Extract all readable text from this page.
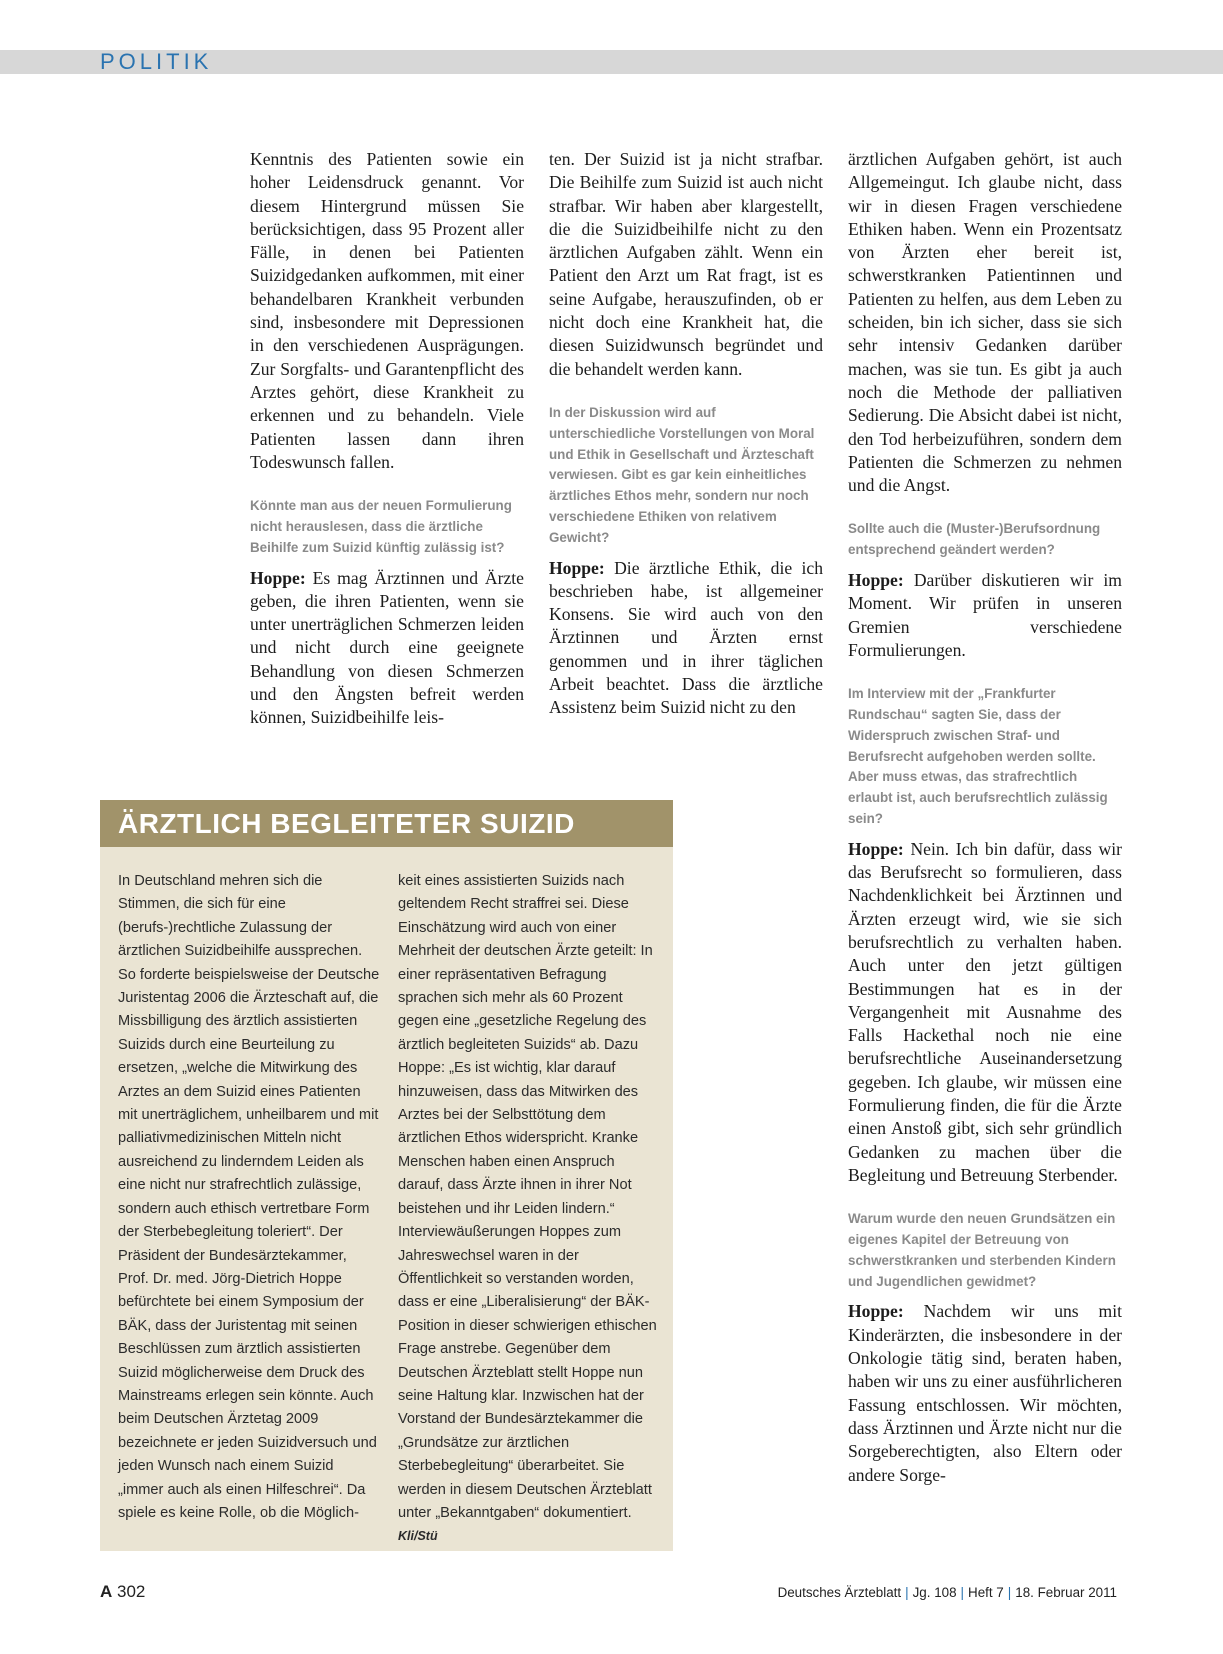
POLITIK

Kenntnis des Patienten sowie ein hoher Leidensdruck genannt. Vor diesem Hintergrund müssen Sie berücksichtigen, dass 95 Prozent aller Fälle, in denen bei Patienten Suizidgedanken aufkommen, mit einer behandelbaren Krankheit verbunden sind, insbesondere mit Depressionen in den verschiedenen Ausprägungen. Zur Sorgfalts- und Garantenpflicht des Arztes gehört, diese Krankheit zu erkennen und zu behandeln. Viele Patienten lassen dann ihren Todeswunsch fallen.

Könnte man aus der neuen Formulierung nicht herauslesen, dass die ärztliche Beihilfe zum Suizid künftig zulässig ist?

Hoppe: Es mag Ärztinnen und Ärzte geben, die ihren Patienten, wenn sie unter unerträglichen Schmerzen leiden und nicht durch eine geeignete Behandlung von diesen Schmerzen und den Ängsten befreit werden können, Suizidbeihilfe leis-

ten. Der Suizid ist ja nicht strafbar. Die Beihilfe zum Suizid ist auch nicht strafbar. Wir haben aber klargestellt, die die Suizidbeihilfe nicht zu den ärztlichen Aufgaben zählt. Wenn ein Patient den Arzt um Rat fragt, ist es seine Aufgabe, herauszufinden, ob er nicht doch eine Krankheit hat, die diesen Suizidwunsch begründet und die behandelt werden kann.

In der Diskussion wird auf unterschiedliche Vorstellungen von Moral und Ethik in Gesellschaft und Ärzteschaft verwiesen. Gibt es gar kein einheitliches ärztliches Ethos mehr, sondern nur noch verschiedene Ethiken von relativem Gewicht?

Hoppe: Die ärztliche Ethik, die ich beschrieben habe, ist allgemeiner Konsens. Sie wird auch von den Ärztinnen und Ärzten ernst genommen und in ihrer täglichen Arbeit beachtet. Dass die ärztliche Assistenz beim Suizid nicht zu den

ärztlichen Aufgaben gehört, ist auch Allgemeingut. Ich glaube nicht, dass wir in diesen Fragen verschiedene Ethiken haben. Wenn ein Prozentsatz von Ärzten eher bereit ist, schwerstkranken Patientinnen und Patienten zu helfen, aus dem Leben zu scheiden, bin ich sicher, dass sie sich sehr intensiv Gedanken darüber machen, was sie tun. Es gibt ja auch noch die Methode der palliativen Sedierung. Die Absicht dabei ist nicht, den Tod herbeizuführen, sondern dem Patienten die Schmerzen zu nehmen und die Angst.

Sollte auch die (Muster-)Berufsordnung entsprechend geändert werden?

Hoppe: Darüber diskutieren wir im Moment. Wir prüfen in unseren Gremien verschiedene Formulierungen.

Im Interview mit der „Frankfurter Rundschau“ sagten Sie, dass der Widerspruch zwischen Straf- und Berufsrecht aufgehoben werden sollte. Aber muss etwas, das strafrechtlich erlaubt ist, auch berufsrechtlich zulässig sein?

Hoppe: Nein. Ich bin dafür, dass wir das Berufsrecht so formulieren, dass Nachdenklichkeit bei Ärztinnen und Ärzten erzeugt wird, wie sie sich berufsrechtlich zu verhalten haben. Auch unter den jetzt gültigen Bestimmungen hat es in der Vergangenheit mit Ausnahme des Falls Hackethal noch nie eine berufsrechtliche Auseinandersetzung gegeben. Ich glaube, wir müssen eine Formulierung finden, die für die Ärzte einen Anstoß gibt, sich sehr gründlich Gedanken zu machen über die Begleitung und Betreuung Sterbender.

Warum wurde den neuen Grundsätzen ein eigenes Kapitel der Betreuung von schwerstkranken und sterbenden Kindern und Jugendlichen gewidmet?

Hoppe: Nachdem wir uns mit Kinderärzten, die insbesondere in der Onkologie tätig sind, beraten haben, haben wir uns zu einer ausführlicheren Fassung entschlossen. Wir möchten, dass Ärztinnen und Ärzte nicht nur die Sorgeberechtigten, also Eltern oder andere Sorge-

ÄRZTLICH BEGLEITETER SUIZID

In Deutschland mehren sich die Stimmen, die sich für eine (berufs-)rechtliche Zulassung der ärztlichen Suizidbeihilfe aussprechen. So forderte beispielsweise der Deutsche Juristentag 2006 die Ärzteschaft auf, die Missbilligung des ärztlich assistierten Suizids durch eine Beurteilung zu ersetzen, „welche die Mitwirkung des Arztes an dem Suizid eines Patienten mit unerträglichem, unheilbarem und mit palliativmedizinischen Mitteln nicht ausreichend zu linderndem Leiden als eine nicht nur strafrechtlich zulässige, sondern auch ethisch vertretbare Form der Sterbebegleitung toleriert“. Der Präsident der Bundesärztekammer, Prof. Dr. med. Jörg-Dietrich Hoppe befürchtete bei einem Symposium der BÄK, dass der Juristentag mit seinen Beschlüssen zum ärztlich assistierten Suizid möglicherweise dem Druck des Mainstreams erlegen sein könnte. Auch beim Deutschen Ärztetag 2009 bezeichnete er jeden Suizidversuch und jeden Wunsch nach einem Suizid „immer auch als einen Hilfeschrei“. Da spiele es keine Rolle, ob die Möglich-

keit eines assistierten Suizids nach geltendem Recht straffrei sei. Diese Einschätzung wird auch von einer Mehrheit der deutschen Ärzte geteilt: In einer repräsentativen Befragung sprachen sich mehr als 60 Prozent gegen eine „gesetzliche Regelung des ärztlich begleiteten Suizids“ ab. Dazu Hoppe: „Es ist wichtig, klar darauf hinzuweisen, dass das Mitwirken des Arztes bei der Selbsttötung dem ärztlichen Ethos widerspricht. Kranke Menschen haben einen Anspruch darauf, dass Ärzte ihnen in ihrer Not beistehen und ihr Leiden lindern.“

Interviewäußerungen Hoppes zum Jahreswechsel waren in der Öffentlichkeit so verstanden worden, dass er eine „Liberalisierung“ der BÄK-Position in dieser schwierigen ethischen Frage anstrebe. Gegenüber dem Deutschen Ärzteblatt stellt Hoppe nun seine Haltung klar. Inzwischen hat der Vorstand der Bundesärztekammer die „Grundsätze zur ärztlichen Sterbebegleitung“ überarbeitet. Sie werden in diesem Deutschen Ärzteblatt unter „Bekanntgaben“ dokumentiert. Kli/Stü

A 302	Deutsches Ärzteblatt | Jg. 108 | Heft 7 | 18. Februar 2011
